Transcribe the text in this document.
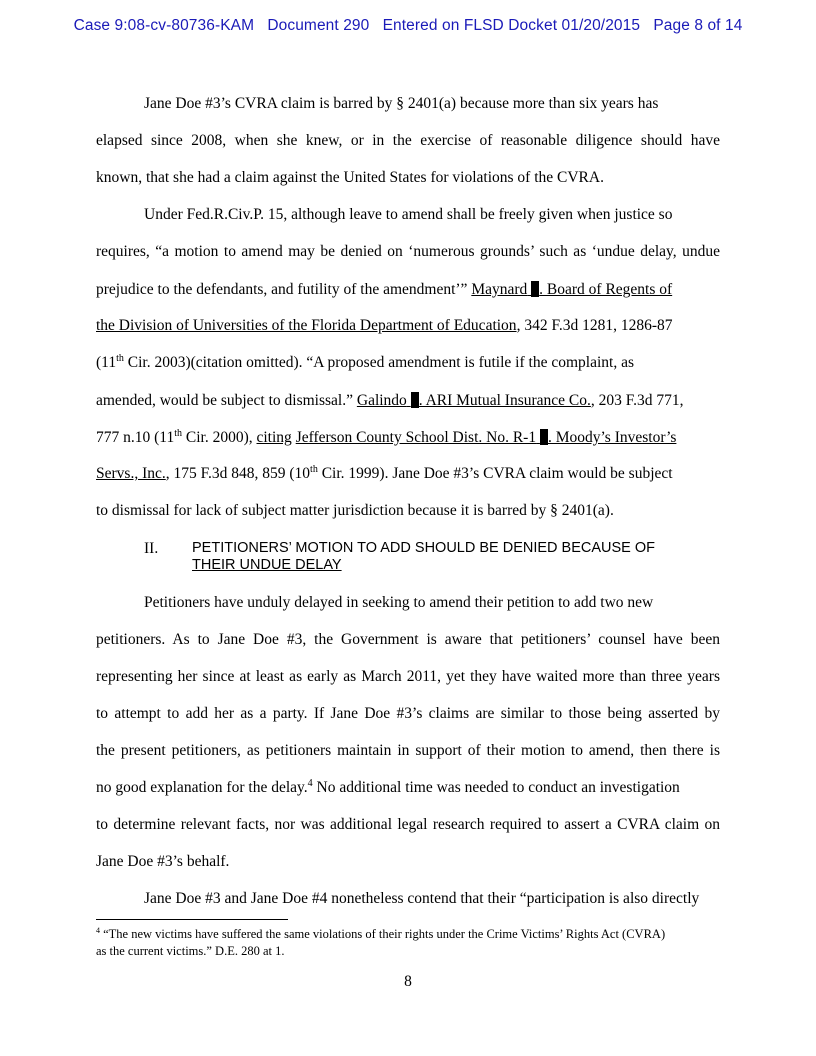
Case 9:08-cv-80736-KAM Document 290 Entered on FLSD Docket 01/20/2015 Page 8 of 14
Jane Doe #3’s CVRA claim is barred by § 2401(a) because more than six years has
elapsed since 2008, when she knew, or in the exercise of reasonable diligence should have
known, that she had a claim against the United States for violations of the CVRA.
Under Fed.R.Civ.P. 15, although leave to amend shall be freely given when justice so
requires, “a motion to amend may be denied on ‘numerous grounds’ such as ‘undue delay, undue
prejudice to the defendants, and futility of the amendment’” Maynard . Board of Regents of
the Division of Universities of the Florida Department of Education, 342 F.3d 1281, 1286-87
(11th Cir. 2003)(citation omitted). “A proposed amendment is futile if the complaint, as
amended, would be subject to dismissal.” Galindo . ARI Mutual Insurance Co., 203 F.3d 771,
777 n.10 (11th Cir. 2000), citing Jefferson County School Dist. No. R-1 . Moody’s Investor’s
Servs., Inc., 175 F.3d 848, 859 (10th Cir. 1999). Jane Doe #3’s CVRA claim would be subject
to dismissal for lack of subject matter jurisdiction because it is barred by § 2401(a).
II. PETITIONERS’ MOTION TO ADD SHOULD BE DENIED BECAUSE OF
THEIR UNDUE DELAY
Petitioners have unduly delayed in seeking to amend their petition to add two new
petitioners. As to Jane Doe #3, the Government is aware that petitioners’ counsel have been
representing her since at least as early as March 2011, yet they have waited more than three years
to attempt to add her as a party. If Jane Doe #3’s claims are similar to those being asserted by
the present petitioners, as petitioners maintain in support of their motion to amend, then there is
no good explanation for the delay.$^4$ No additional time was needed to conduct an investigation
to determine relevant facts, nor was additional legal research required to assert a CVRA claim on
Jane Doe #3’s behalf.
Jane Doe #3 and Jane Doe #4 nonetheless contend that their “participation is also directly
$^4$ “The new victims have suffered the same violations of their rights under the Crime Victims’ Rights Act (CVRA)
as the current victims.” D.E. 280 at 1.
8
